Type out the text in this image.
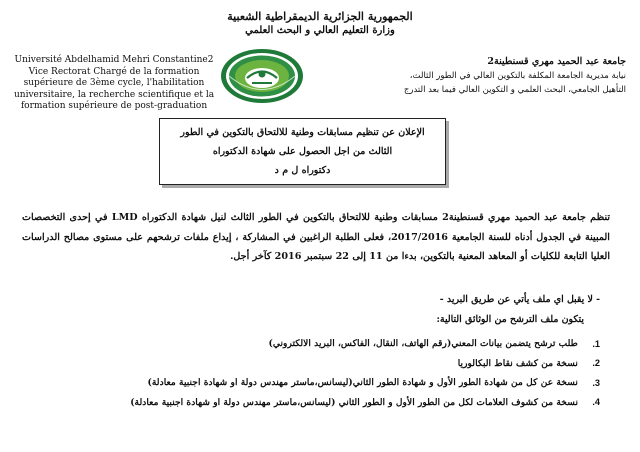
الجمهورية الجزائرية الديمقراطية الشعبية
وزارة التعليم العالي و البحث العلمي
Université Abdelhamid Mehri Constantine2
Vice Rectorat Chargé de la formation
supérieure de 3ème cycle, l'habilitation
universitaire, la recherche scientifique et la
formation supérieure de post-graduation
جامعة عبد الحميد مهري قسنطينة2
نيابة مديرية الجامعة المكلفة بالتكوين العالي في الطور الثالث،
التأهيل الجامعي، البحث العلمي و التكوين العالي فيما بعد التدرج
الإعلان عن تنظيم مسابقات وطنية للالتحاق بالتكوين في الطور
الثالث من اجل الحصول على شهادة الدكتوراه
دكتوراه ل م د

تنظم جامعة عبد الحميد مهري قسنطينة2 مسابقات وطنية للالتحاق بالتكوين في الطور الثالث لنيل شهادة الدكتوراه LMD في إحدى التخصصات المبينة في الجدول أدناه للسنة الجامعية 2017/2016، فعلى الطلبة الراغبين في المشاركة ، إيداع ملفات ترشحهم على مستوى مصالح الدراسات العليا التابعة للكليات أو المعاهد المعنية بالتكوين، بدءا من 11 إلى 22 سبتمبر 2016 كآخر أجل.

- لا يقبل اي ملف يأتي عن طريق البريد -
يتكون ملف الترشح من الوثائق التالية:
1.
طلب ترشح يتضمن بيانات المعني(رقم الهاتف، النقال، الفاكس، البريد الالكتروني)
2.
نسخة من كشف نقاط البكالوريا
3.
نسخة عن كل من شهادة الطور الأول و شهادة الطور الثاني(ليسانس،ماستر مهندس دولة او شهادة اجنبية معادلة)
4.
نسخة من كشوف العلامات لكل من الطور الأول و الطور الثاني (ليسانس،ماستر مهندس دولة او شهادة اجنبية معادلة)
